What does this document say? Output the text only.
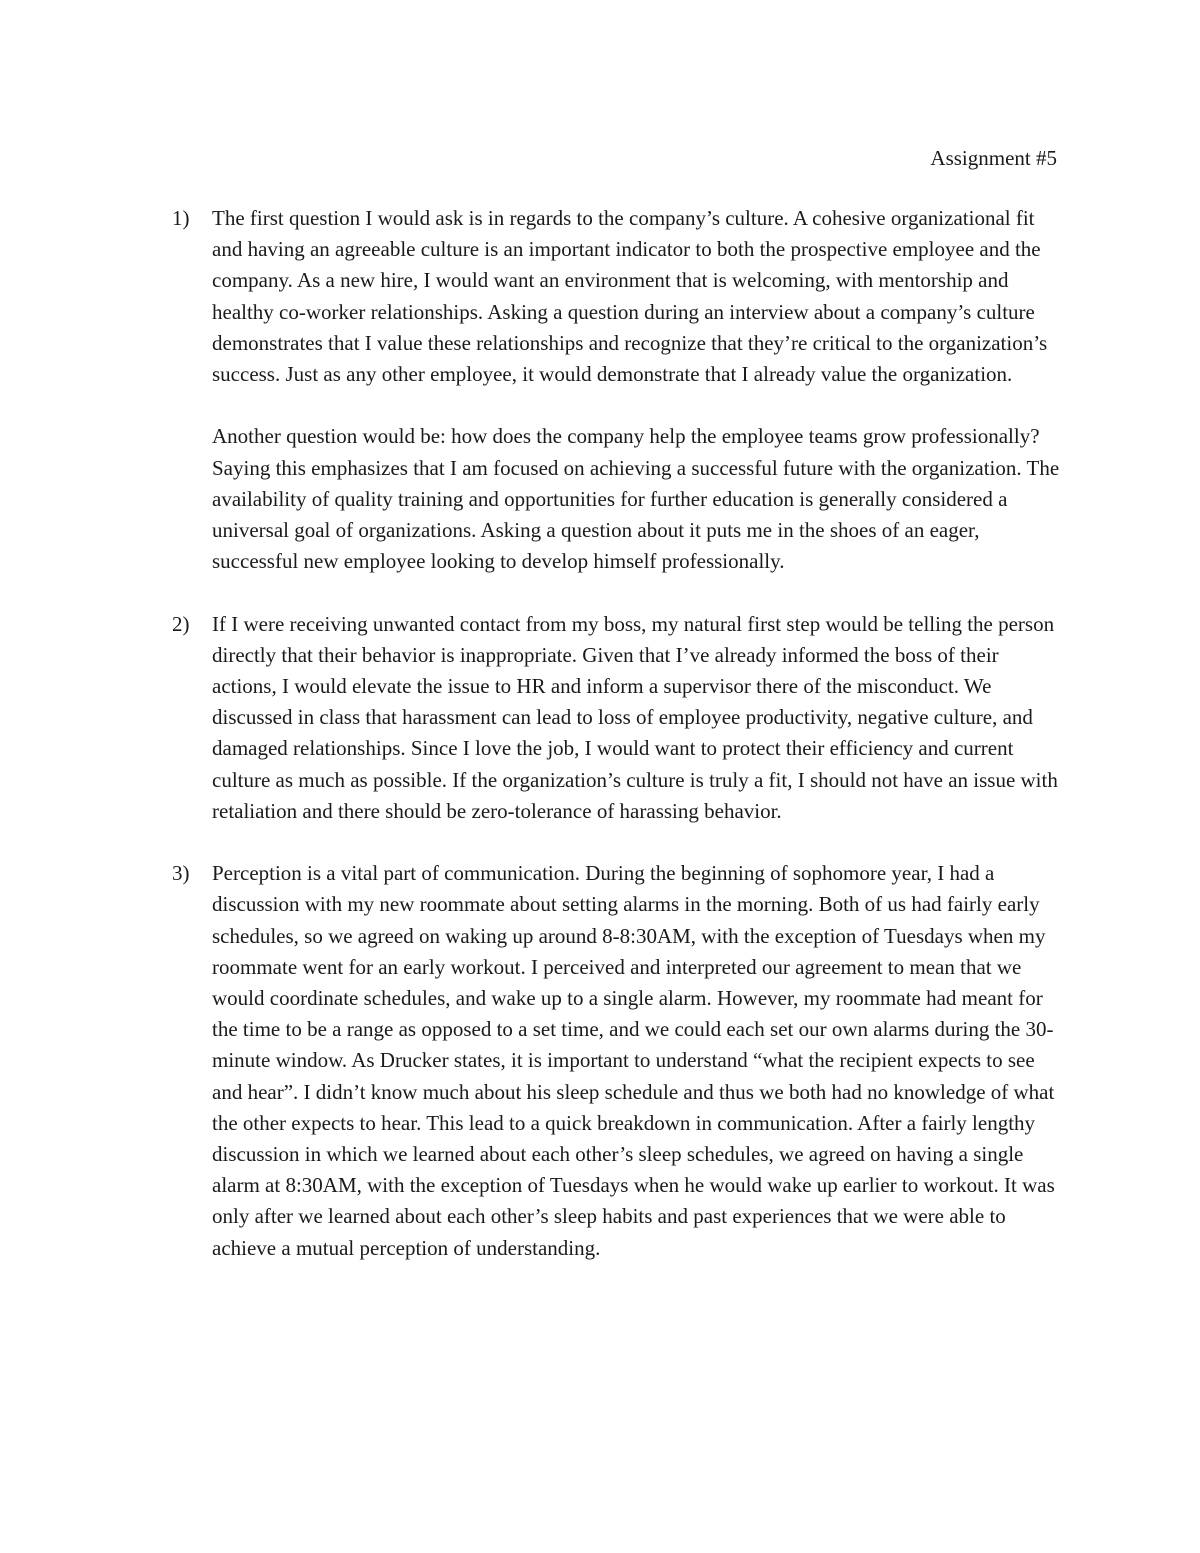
Assignment #5
1) The first question I would ask is in regards to the company’s culture. A cohesive organizational fit and having an agreeable culture is an important indicator to both the prospective employee and the company. As a new hire, I would want an environment that is welcoming, with mentorship and healthy co-worker relationships. Asking a question during an interview about a company’s culture demonstrates that I value these relationships and recognize that they’re critical to the organization’s success. Just as any other employee, it would demonstrate that I already value the organization.

Another question would be: how does the company help the employee teams grow professionally? Saying this emphasizes that I am focused on achieving a successful future with the organization. The availability of quality training and opportunities for further education is generally considered a universal goal of organizations. Asking a question about it puts me in the shoes of an eager, successful new employee looking to develop himself professionally.

2) If I were receiving unwanted contact from my boss, my natural first step would be telling the person directly that their behavior is inappropriate. Given that I’ve already informed the boss of their actions, I would elevate the issue to HR and inform a supervisor there of the misconduct. We discussed in class that harassment can lead to loss of employee productivity, negative culture, and damaged relationships. Since I love the job, I would want to protect their efficiency and current culture as much as possible. If the organization’s culture is truly a fit, I should not have an issue with retaliation and there should be zero-tolerance of harassing behavior.

3) Perception is a vital part of communication. During the beginning of sophomore year, I had a discussion with my new roommate about setting alarms in the morning. Both of us had fairly early schedules, so we agreed on waking up around 8-8:30AM, with the exception of Tuesdays when my roommate went for an early workout. I perceived and interpreted our agreement to mean that we would coordinate schedules, and wake up to a single alarm. However, my roommate had meant for the time to be a range as opposed to a set time, and we could each set our own alarms during the 30-minute window. As Drucker states, it is important to understand “what the recipient expects to see and hear”. I didn’t know much about his sleep schedule and thus we both had no knowledge of what the other expects to hear. This lead to a quick breakdown in communication. After a fairly lengthy discussion in which we learned about each other’s sleep schedules, we agreed on having a single alarm at 8:30AM, with the exception of Tuesdays when he would wake up earlier to workout. It was only after we learned about each other’s sleep habits and past experiences that we were able to achieve a mutual perception of understanding.
